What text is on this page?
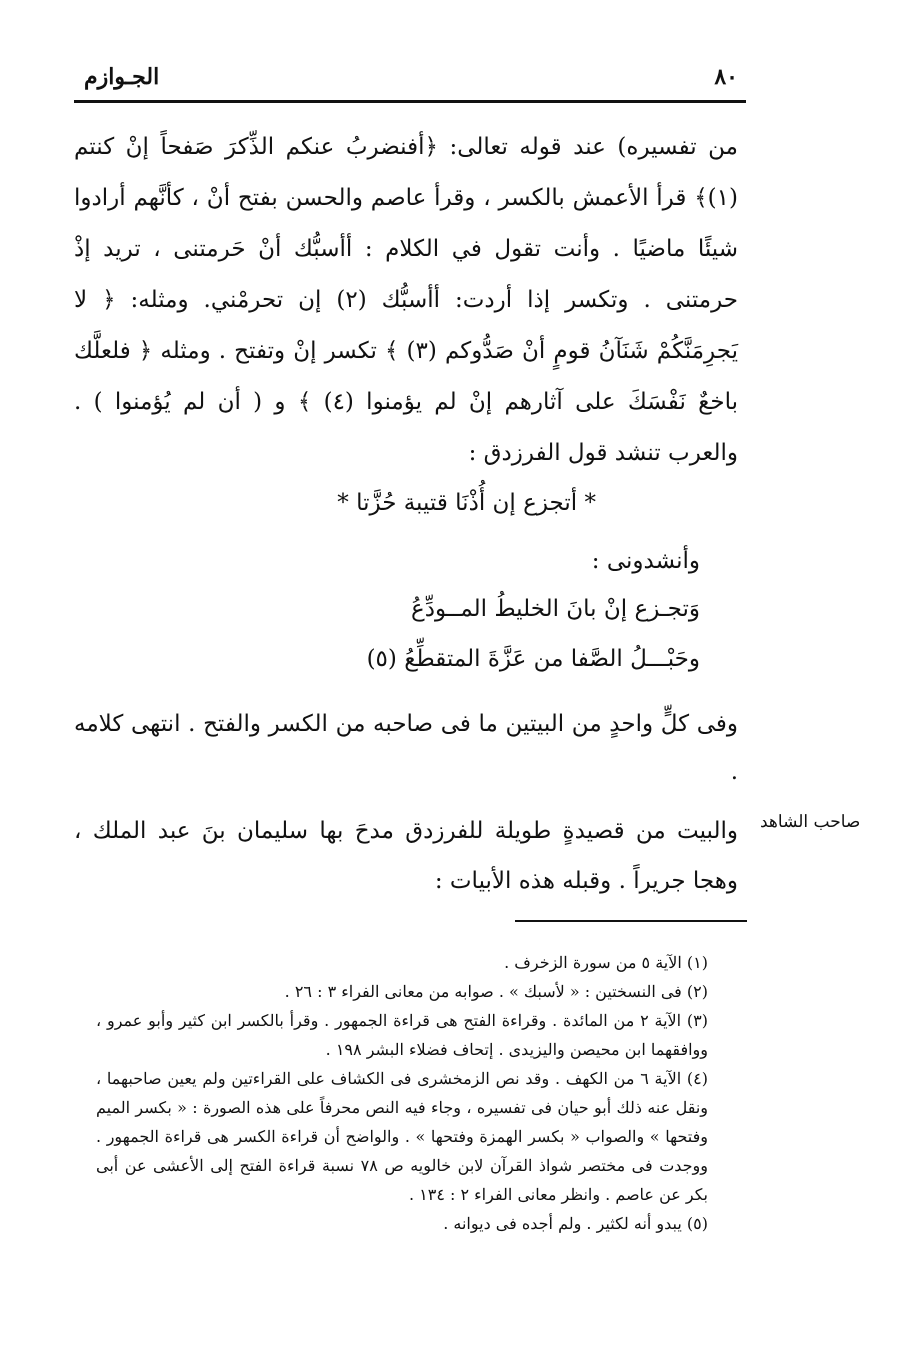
٨٠
الجـوازم

من تفسيره) عند قوله تعالى: ﴿أفنضربُ عنكم الذِّكرَ صَفحاً إنْ كنتم (١)﴾ قرأ الأعمش بالكسر ، وقرأ عاصم والحسن بفتح أنْ ، كأنَّهم أرادوا شيئًا ماضيًا . وأنت تقول في الكلام : أأسبُّك أنْ حَرمتنى ، تريد إذْ حرمتنى . وتكسر إذا أردت: أأسبُّك (٢) إن تحرمْني. ومثله: ﴿ لا يَجرِمَنَّكُمْ شَنَآنُ قومٍ أنْ صَدُّوكم (٣) ﴾ تكسر إنْ وتفتح . ومثله ﴿ فلعلَّك باخعٌ نَفْسَكَ على آثارهم إنْ لم يؤمنوا (٤) ﴾ و ( أن لم يُؤمنوا ) . والعرب تنشد قول الفرزدق :

* أتجزع إن أُذْنَا قتيبة حُزَّتا *
وأنشدونى :
وَتجـزع إنْ بانَ الخليطُ المــودِّعُ
وحَبْـــلُ الصَّفا من عَزَّةَ المتقطِّعُ (٥)

وفى كلٍّ واحدٍ من البيتين ما فى صاحبه من الكسر والفتح . انتهى كلامه .

صاحب الشاهد

والبيت من قصيدةٍ طويلة للفرزدق مدحَ بها سليمان بنَ عبد الملك ، وهجا جريراً . وقبله هذه الأبيات :

(١) الآية ٥ من سورة الزخرف .

(٢) فى النسختين : « لأسبك » . صوابه من معانى الفراء ٣ : ٢٦ .

(٣) الآية ٢ من المائدة . وقراءة الفتح هى قراءة الجمهور . وقرأ بالكسر ابن كثير وأبو عمرو ، ووافقهما ابن محيصن واليزيدى . إتحاف فضلاء البشر ١٩٨ .

(٤) الآية ٦ من الكهف . وقد نص الزمخشرى فى الكشاف على القراءتين ولم يعين صاحبهما ، ونقل عنه ذلك أبو حيان فى تفسيره ، وجاء فيه النص محرفاً على هذه الصورة : « بكسر الميم وفتحها » والصواب « بكسر الهمزة وفتحها » . والواضح أن قراءة الكسر هى قراءة الجمهور . ووجدت فى مختصر شواذ القرآن لابن خالويه ص ٧٨ نسبة قراءة الفتح إلى الأعشى عن أبى بكر عن عاصم . وانظر معانى الفراء ٢ : ١٣٤ .

(٥) يبدو أنه لكثير . ولم أجده فى ديوانه .
